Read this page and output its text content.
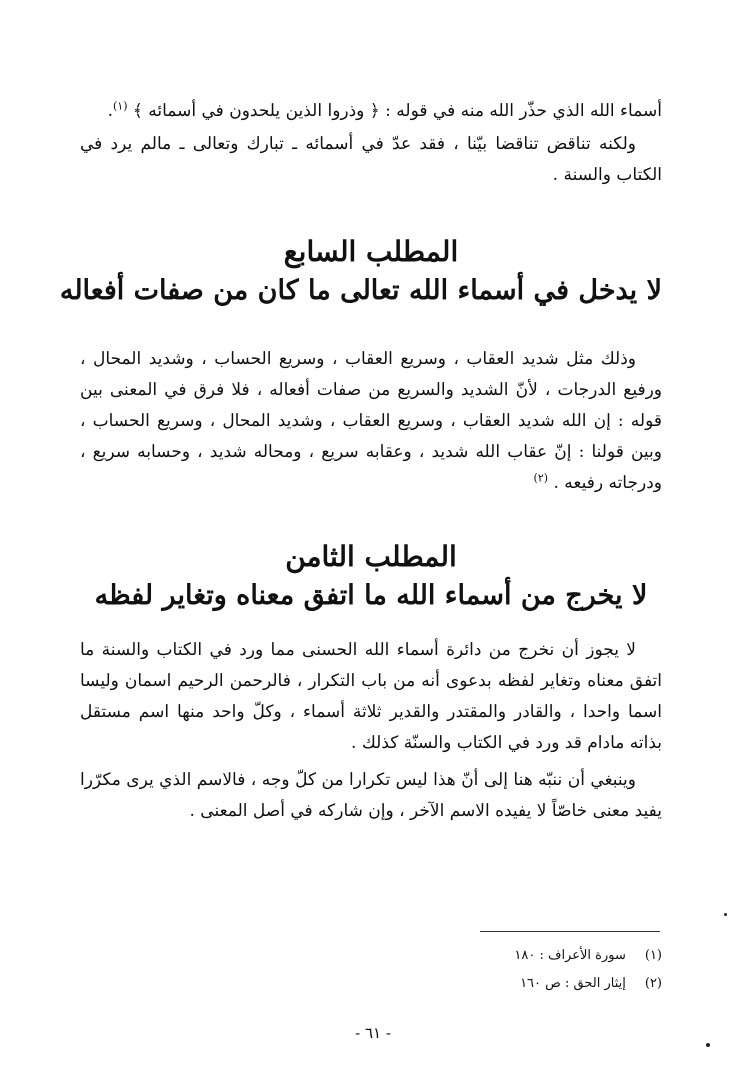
أسماء الله الذي حذّر الله منه في قوله : ﴿ وذروا الذين يلحدون في أسمائه ﴾ $^{(١)}$.

ولكنه تناقض تناقضا بيّنا ، فقد عدّ في أسمائه ـ تبارك وتعالى ـ مالم يرد في الكتاب والسنة .

المطلب السابع
لا يدخل في أسماء الله تعالى ما كان من صفات أفعاله

وذلك مثل شديد العقاب ، وسريع العقاب ، وسريع الحساب ، وشديد المحال ، ورفيع الدرجات ، لأنّ الشديد والسريع من صفات أفعاله ، فلا فرق في المعنى بين قوله : إن الله شديد العقاب ، وسريع العقاب ، وشديد المحال ، وسريع الحساب ، وبين قولنا : إنّ عقاب الله شديد ، وعقابه سريع ، ومحاله شديد ، وحسابه سريع ، ودرجاته رفيعه . $^{(٢)}$

المطلب الثامن
لا يخرج من أسماء الله ما اتفق معناه وتغاير لفظه

لا يجوز أن نخرج من دائرة أسماء الله الحسنى مما ورد في الكتاب والسنة ما اتفق معناه وتغاير لفظه بدعوى أنه من باب التكرار ، فالرحمن الرحيم اسمان وليسا اسما واحدا ، والقادر والمقتدر والقدير ثلاثة أسماء ، وكلّ واحد منها اسم مستقل بذاته مادام قد ورد في الكتاب والسنّة كذلك .

وينبغي أن ننبّه هنا إلى أنّ هذا ليس تكرارا من كلّ وجه ، فالاسم الذي يرى مكرّرا يفيد معنى خاصّاً لا يفيده الاسم الآخر ، وإن شاركه في أصل المعنى .

(١) سورة الأعراف : ١٨٠
(٢) إيثار الحق : ص ١٦٠
- ٦١ -
